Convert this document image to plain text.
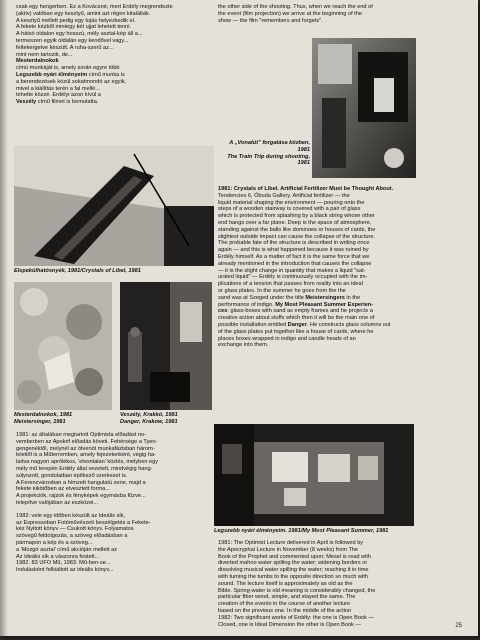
csak egy hengerben. Ez a Kovácsné, mert Erdély megrendezte

(aktív) valóban egy kesztyű, amint azt régen kitalálták.

A kesztyű mellett pedig egy tojás helyezkedik el.

A fekete kézből mintegy két ujjat lehetett tenni.

A hátsó oldalon egy hosszú, mély asztal-kép áll a...

termeszen egyik oldalán egy kendővel vagy...

feltekergetve készült. A ruha-szerű az...

mint nem tartozik, de...

Mesterdalnokok

címü munkáját is, amely során egyre több

Legszebb nyári élményeim című munka is

a berendezések közül sokatmondó az egyik,

mivel a kiállítás terén a fal mellé...

tehette közzé. Erdélyi azon kívül a

Veszély című filmet is bemutatta.

the other side of the shooting. Thus, when we reach the end of

the event (film projection) we arrive at the beginning of the

show — the film "remembers and forgets".

A „Vonatút” forgatása közben,

1981

The Train Trip during shooting,

1981

Elspekülhatósnyék, 1981/Crystals of Libel, 1981

1981: Crystals of Libel. Artificial Fertilizer Must be Thought About.

Tendencies 6, Óbuda Gallery. Artificial fertilizer — the

liquid material shaping the environment — pouring onto the

steps of a wooden stairway is covered with a pair of glass

which is protected from splashing by a black string whose other

end hangs over a far plane. Deep is the space of atmosphere,

standing against the balls like dominoes or houses of cards, the

slightest outside impact can cause the collapse of the structure.

The probable fate of the structure is described in writing once

again — and this is what happened because it was ruined by

Erdély himself. As a matter of fact it is the same force that we

already mentioned in the introduction that causes the collapse

— it is the slight change in quantity that makes a liquid "sat-

urated liquid" — Erdély is continuously occupied with the im-

plications of a tension that passes from reality into an ideal

or glass plates. In the summer he goes from the the

sand was at Szeged under the title Meistersingers in the

performance of indigo. My Most Pleasant Summer Experien-

ces: glass-boxes with sand as empty frames and he projects a

creative action about stuffs which then it will be the main one of

possible installation entitled Danger. He constructs glass columns out

of the glass plates put together like a house of cards, where he

places boxes wrapped in indigo and candle heads of an

exchange into them.

Mesterdalnokok, 1981

Meistersinger, 1981

Veszély, Krakkó, 1981

Danger, Krakow, 1981

Legszebb nyári élményeim. 1981/My Most Pleasant Summer, 1981

1981: az általában megtartott Optimista előadást no-

vemberben az Apokrif előadás követi. Fehérsége a Tyen-

gengenéktől, melynél az ötvenöt munkafázisban három-

leletiől is a Műterremben, amely fejezetenként, végig ha-

ladva nagyon aprólékos, 'elvontalan' közlés, melyben egy

mély mű terepén Erdély által vezetett, mindvégig hang-

súlyozott, gondolatban építkező szerkezet is.

A Ferencvárosban a hímzett hangulatú zene, majd a

fekete kikötőben az elvesztett forma...

A projekciók, rajzok és fényképek egymásba fűzve...

telepítve valójában az eszközei...

1982: vele egy időben készült az Ideális sík,

az Espressoban Fotóművészeti beszélgetés a Fekete-

kéz Nyitott könyv — Csukott könyv. Folyamatos

szövegű feldolgozás, a szöveg előadásban a

pármapon a kép és a szöveg...

a 'Mozgó asztal' című akcióján mellett az

Az Ideális sík a vászonra festett...

1982. 83 UFO Mű, 1983. Mű-ben-se...

Indulásként felkiáltott az ideális könyv...

1981: The Optimist Lecture delivered in April is followed by

the Apocryphal Lecture in November (8 weeks) from The

Book of the Prophet and commented upon; Mesel is read with

diverted mahoo water spilling the water; widening borders or

dissolving musical water spilling the water; reaching it in time

with turning the tumbs to the opposite direction so much with

sound. The lecture itself is approximately as old as the

Bible. Spring-water is old meaning is considerably changed, the

particular fiber wood, simple, and stayed the same. The

creation of the events in the course of another lecture

based on the previous one. In the middle of the action

1982: Two significant works of Erdély: the one is Open Book —

Closed, one is Ideal Dimension the other is Open Book —	25
